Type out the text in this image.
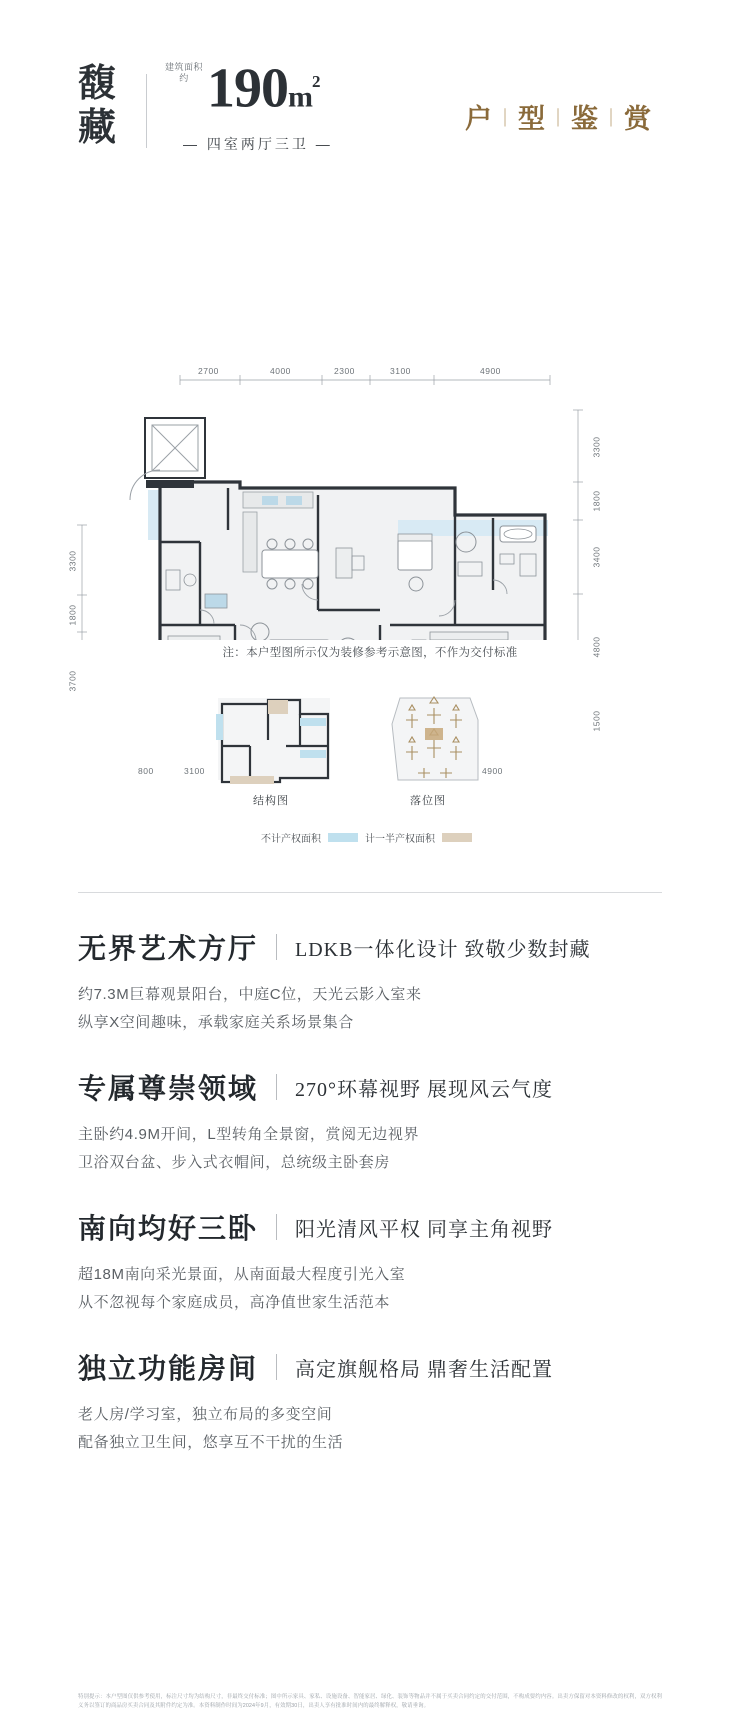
馥藏
建筑面积约 $190m^2$
— 四室两厅三卫 —
户 | 型 | 鉴 | 赏
2700	4000	2300	3100	4900
800	3100	4900
3300
1800
3700
3300
1800
3400
4800
1500
注：本户型图所示仅为装修参考示意图，不作为交付标准
结构图	落位图
不计产权面积	计一半产权面积
无界艺术方厅 LDKB一体化设计 致敬少数封藏
约7.3M巨幕观景阳台，中庭C位，天光云影入室来
纵享X空间趣味，承载家庭关系场景集合
专属尊崇领域 270°环幕视野 展现风云气度
主卧约4.9M开间，L型转角全景窗，赏阅无边视界
卫浴双台盆、步入式衣帽间，总统级主卧套房
南向均好三卧 阳光清风平权 同享主角视野
超18M南向采光景面，从南面最大程度引光入室
从不忽视每个家庭成员，高净值世家生活范本
独立功能房间 高定旗舰格局 鼎奢生活配置
老人房/学习室，独立布局的多变空间
配备独立卫生间，悠享互不干扰的生活
特别提示：本户型图仅供参考使用，标注尺寸均为结构尺寸，非最终交付标准；图中所示家具、家私、设施设备、智能家居、绿化、装饰等物品并不属于买卖合同约定的交付范围，不构成要约内容。出卖方保留对本资料修改的权利，双方权利义务以签订的商品房买卖合同及其附件约定为准。本资料制作时间为2024年9月，有效期30日，出卖人享有批准时间内的最终解释权，敬请垂询。
